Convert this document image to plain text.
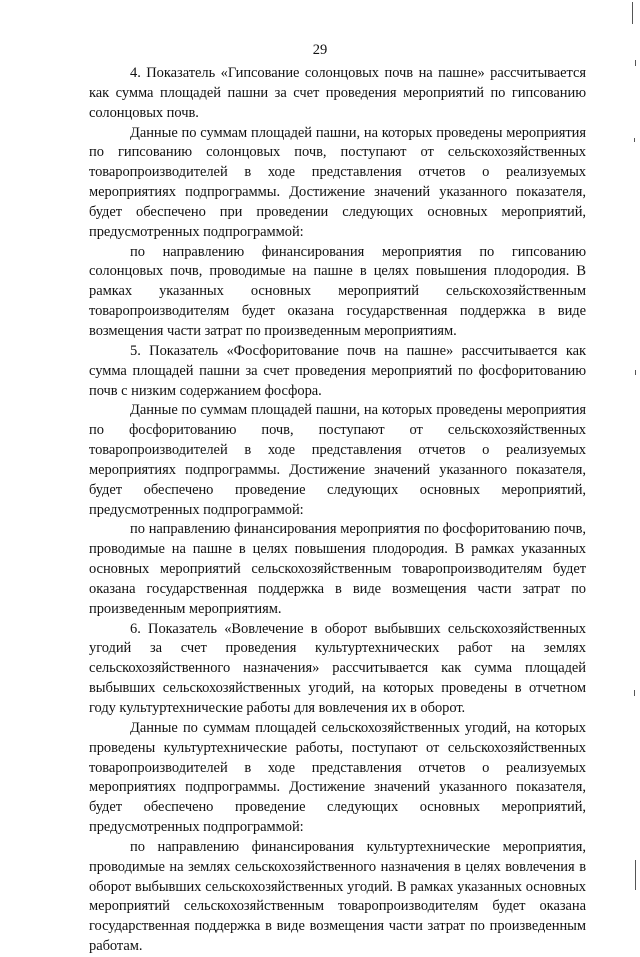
29

4. Показатель «Гипсование солонцовых почв на пашне» рассчитывается как сумма площадей пашни за счет проведения мероприятий по гипсованию солонцовых почв.

Данные по суммам площадей пашни, на которых проведены мероприятия по гипсованию солонцовых почв, поступают от сельскохозяйственных товаропроизводителей в ходе представления отчетов о реализуемых мероприятиях подпрограммы. Достижение значений указанного показателя, будет обеспечено при проведении следующих основных мероприятий, предусмотренных подпрограммой:

по направлению финансирования мероприятия по гипсованию солонцовых почв, проводимые на пашне в целях повышения плодородия. В рамках указанных основных мероприятий сельскохозяйственным товаропроизводителям будет оказана государственная поддержка в виде возмещения части затрат по произведенным мероприятиям.

5. Показатель «Фосфоритование почв на пашне» рассчитывается как сумма площадей пашни за счет проведения мероприятий по фосфоритованию почв с низким содержанием фосфора.

Данные по суммам площадей пашни, на которых проведены мероприятия по фосфоритованию почв, поступают от сельскохозяйственных товаропроизводителей в ходе представления отчетов о реализуемых мероприятиях подпрограммы. Достижение значений указанного показателя, будет обеспечено проведение следующих основных мероприятий, предусмотренных подпрограммой:

по направлению финансирования мероприятия по фосфоритованию почв, проводимые на пашне в целях повышения плодородия. В рамках указанных основных мероприятий сельскохозяйственным товаропроизводителям будет оказана государственная поддержка в виде возмещения части затрат по произведенным мероприятиям.

6. Показатель «Вовлечение в оборот выбывших сельскохозяйственных угодий за счет проведения культуртехнических работ на землях сельскохозяйственного назначения» рассчитывается как сумма площадей выбывших сельскохозяйственных угодий, на которых проведены в отчетном году культуртехнические работы для вовлечения их в оборот.

Данные по суммам площадей сельскохозяйственных угодий, на которых проведены культуртехнические работы, поступают от сельскохозяйственных товаропроизводителей в ходе представления отчетов о реализуемых мероприятиях подпрограммы. Достижение значений указанного показателя, будет обеспечено проведение следующих основных мероприятий, предусмотренных подпрограммой:

по направлению финансирования культуртехнические мероприятия, проводимые на землях сельскохозяйственного назначения в целях вовлечения в оборот выбывших сельскохозяйственных угодий. В рамках указанных основных мероприятий сельскохозяйственным товаропроизводителям будет оказана государственная поддержка в виде возмещения части затрат по произведенным работам.
